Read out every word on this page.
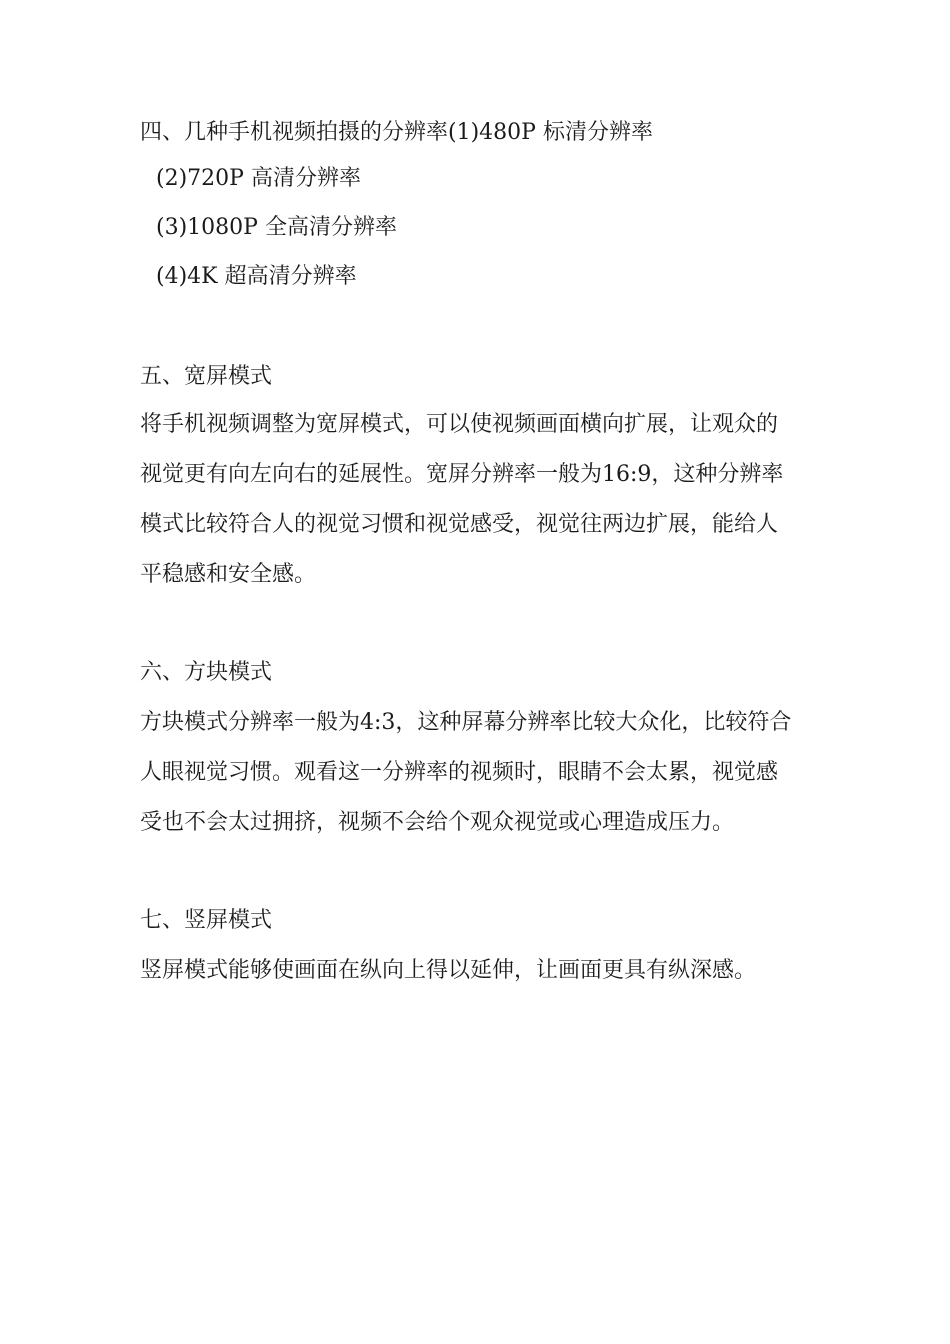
四、几种手机视频拍摄的分辨率(1)480P 标清分辨率
(2)720P 高清分辨率
(3)1080P 全高清分辨率
(4)4K 超高清分辨率
五、宽屏模式
将手机视频调整为宽屏模式，可以使视频画面横向扩展，让观众的
视觉更有向左向右的延展性。宽屏分辨率一般为16:9，这种分辨率
模式比较符合人的视觉习惯和视觉感受，视觉往两边扩展，能给人
平稳感和安全感。
六、方块模式
方块模式分辨率一般为4:3，这种屏幕分辨率比较大众化，比较符合
人眼视觉习惯。观看这一分辨率的视频时，眼睛不会太累，视觉感
受也不会太过拥挤，视频不会给个观众视觉或心理造成压力。
七、竖屏模式
竖屏模式能够使画面在纵向上得以延伸，让画面更具有纵深感。
